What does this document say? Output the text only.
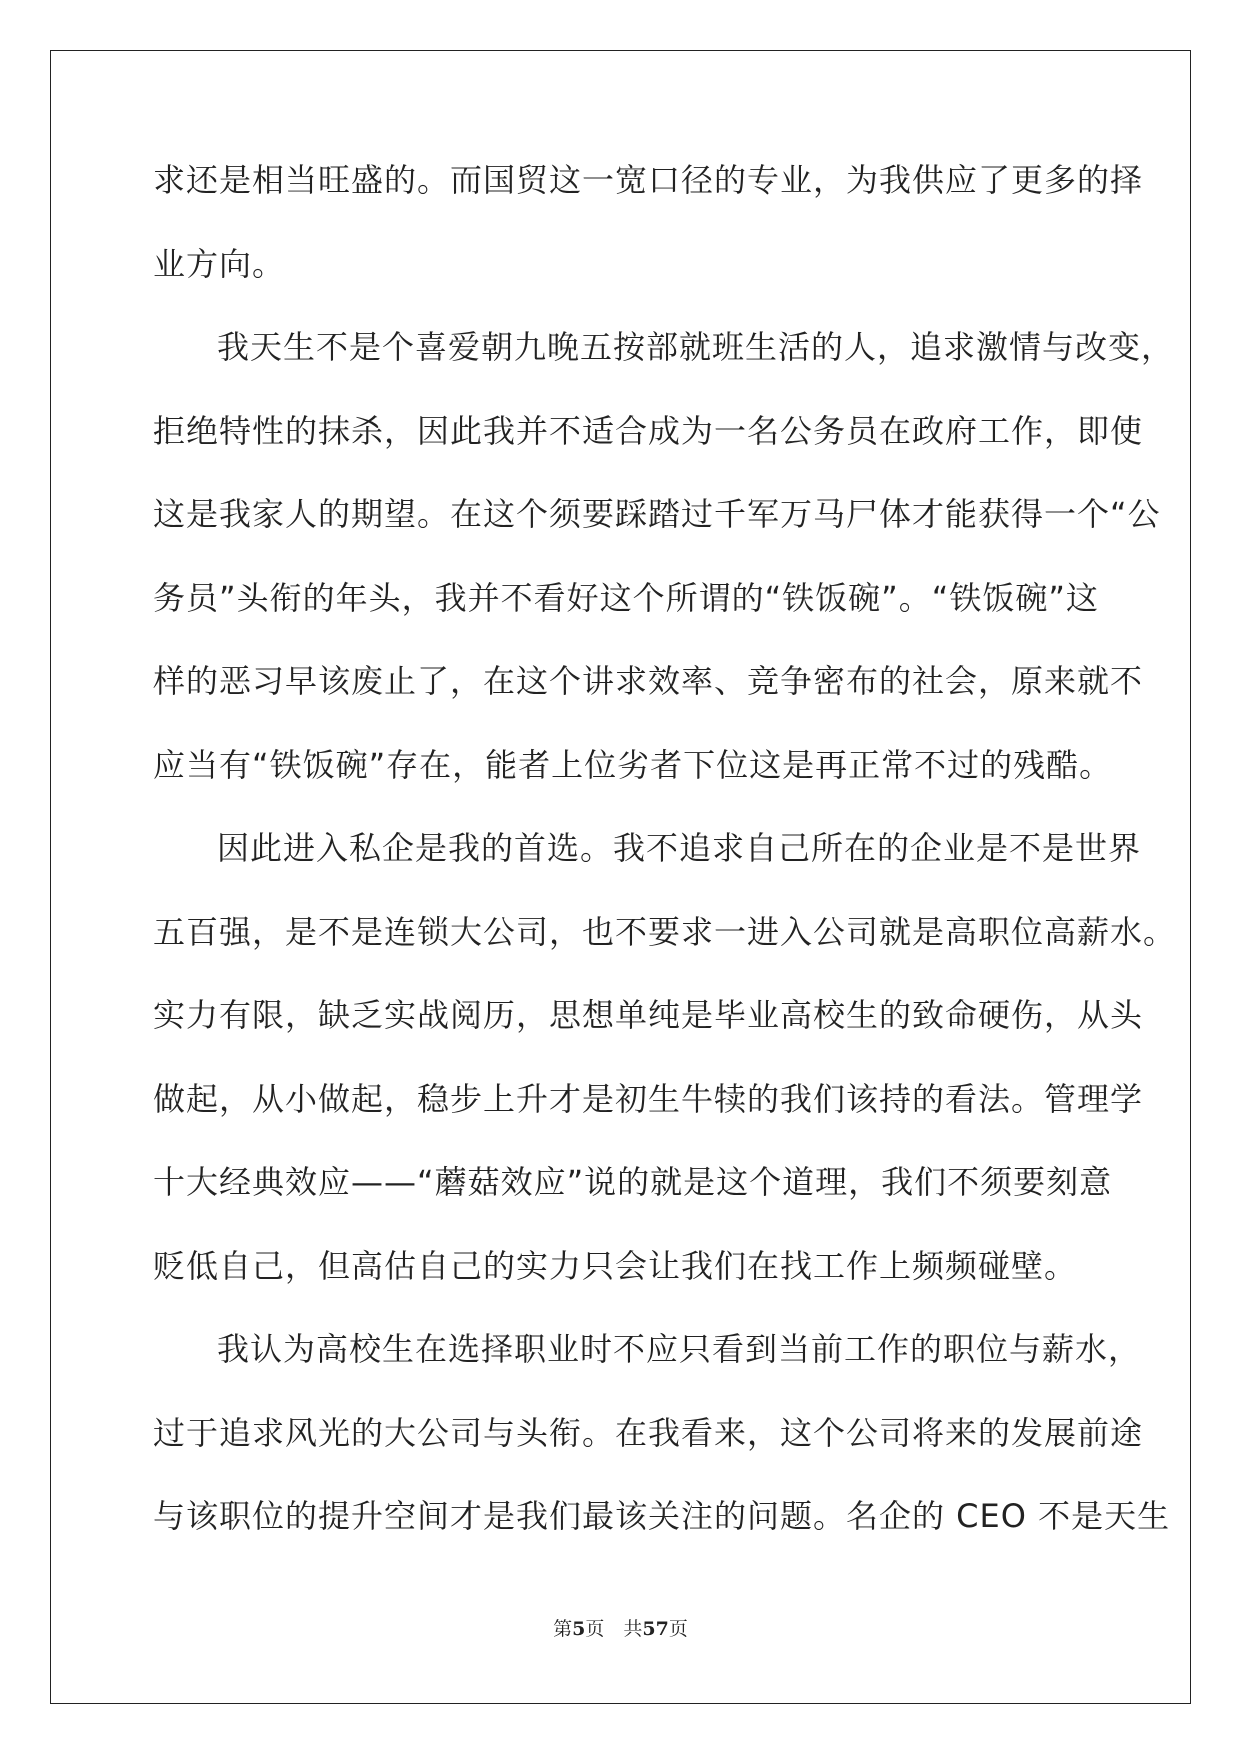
求还是相当旺盛的。而国贸这一宽口径的专业，为我供应了更多的择
业方向。
我天生不是个喜爱朝九晚五按部就班生活的人，追求激情与改变，
拒绝特性的抹杀，因此我并不适合成为一名公务员在政府工作，即使
这是我家人的期望。在这个须要踩踏过千军万马尸体才能获得一个“公
务员”头衔的年头，我并不看好这个所谓的“铁饭碗”。“铁饭碗”这
样的恶习早该废止了，在这个讲求效率、竞争密布的社会，原来就不
应当有“铁饭碗”存在，能者上位劣者下位这是再正常不过的残酷。
因此进入私企是我的首选。我不追求自己所在的企业是不是世界
五百强，是不是连锁大公司，也不要求一进入公司就是高职位高薪水。
实力有限，缺乏实战阅历，思想单纯是毕业高校生的致命硬伤，从头
做起，从小做起，稳步上升才是初生牛犊的我们该持的看法。管理学
十大经典效应——“蘑菇效应”说的就是这个道理，我们不须要刻意
贬低自己，但高估自己的实力只会让我们在找工作上频频碰壁。
我认为高校生在选择职业时不应只看到当前工作的职位与薪水，
过于追求风光的大公司与头衔。在我看来，这个公司将来的发展前途
与该职位的提升空间才是我们最该关注的问题。名企的 CEO 不是天生
第5页　共57页
